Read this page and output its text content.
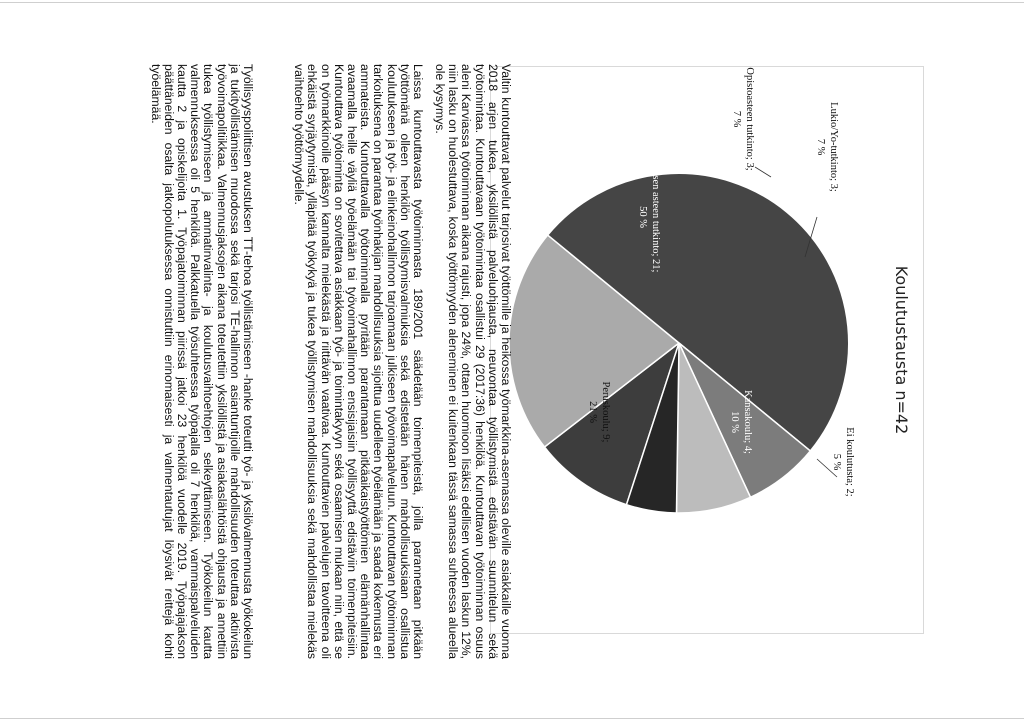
Koulutustausta n=42
Kansakoulu; 4;10 %
Peruskoulu; 9;21 %
Toisen asteen tutkinto; 21;50 %
Lukio/Yo-tutkinto; 3;7 %
Opistoasteen tutkinto; 3;7 %
Ei koulutusta; 2;5 %

Valtin kuntouttavat palvelut tarjosivat työttömille ja heikossa työmarkkina-asemassa oleville asiakkaille vuonna 2018 arjen tukea, yksilöllistä palveluohjausta, neuvontaa työllistymistä edistävän suunnitelun sekä työtoimintaa. Kuntouttavaan työtoimintaa osallistui 29 (2017:36) henkilöä. Kuntouttavan työtoiminnan osuus aleni Karviassa työtoiminnan aikana rajusti, jopa 24%, ottaen huomioon lisäksi edellisen vuoden laskun 12%, niin lasku on huolestuttava, koska työttömyyden aleneminen ei kuitenkaan tässä samassa suhteessa alueella ole kysymys.

Laissa kuntouttavasta työtoiminnasta 189/2001 säädetään toimenpiteistä, joilla parannetaan pitkään työttömänä olleen henkilön työllistymisvalmiuksia sekä edistetään hänen mahdollisuuksiaan osallistua koulutukseen ja työ- ja elinkeinohallinnon tarjoamaan julkiseen työvoimapalveluun. Kuntouttavan työtoiminnan tarkoituksena on parantaa työnhakijan mahdollisuuksia sijoittua uudelleen työelämään ja saada kokemusta eri ammateista. Kuntouttavalla työtoiminnalla pyritään parantamaan pitkäaikaistyöttömien elämänhallintaa avaamalla heille väyliä työelämään tai työvoimahallinnon ensisijaisiin työllisyyttä edistäviin toimenpiteisiin. Kuntouttava työtoiminta on sovitettava asiakkaan työ- ja toimintakyvyn sekä osaamisen mukaan niin, että se on työmarkkinoille pääsyn kannalta mielekästä ja riittävän vaativaa. Kuntouttavien palvelujen tavoitteena oli ehkäistä syrjäytymistä, ylläpitää työkykyä ja tukea työllistymisen mahdollisuuksia sekä mahdollistaa mielekäs vaihtoehto työttömyydelle.

Työllisyyspoliittisen avustuksen TT-tehoa työllistämiseen -hanke toteutti työ- ja yksilövalmennusta työkokeilun ja tukityöllistämisen muodossa sekä tarjosi TE-hallinnon asiantuntijoille mahdollisuuden toteuttaa aktiivista työvoimapolitiikkaa. Valmennusjaksojen aikana toteutettiin yksilöllistä ja asiakaslähtöistä ohjausta ja annettiin tukea työllistymiseen ja ammatinvalinta- ja koulutusvaihtoehtojen selkeyttämiseen. Työkokeilun kautta valmennukseessa oli 5 henkilöä. Palkkatuella työsuhteessa työpajalla oli 7 henkilöä, vammaispalveluiden kautta 2 ja opiskelijoita 1. Työpajatoiminnan piirissä jatkoi 23 henkilöä vuodelle 2019. Työpajajakson päättäneiden osalta jatkopolutuksessa onnistuttiin erinomaisesti ja valmentautujat löysivät reittejä kohti työelämää.
